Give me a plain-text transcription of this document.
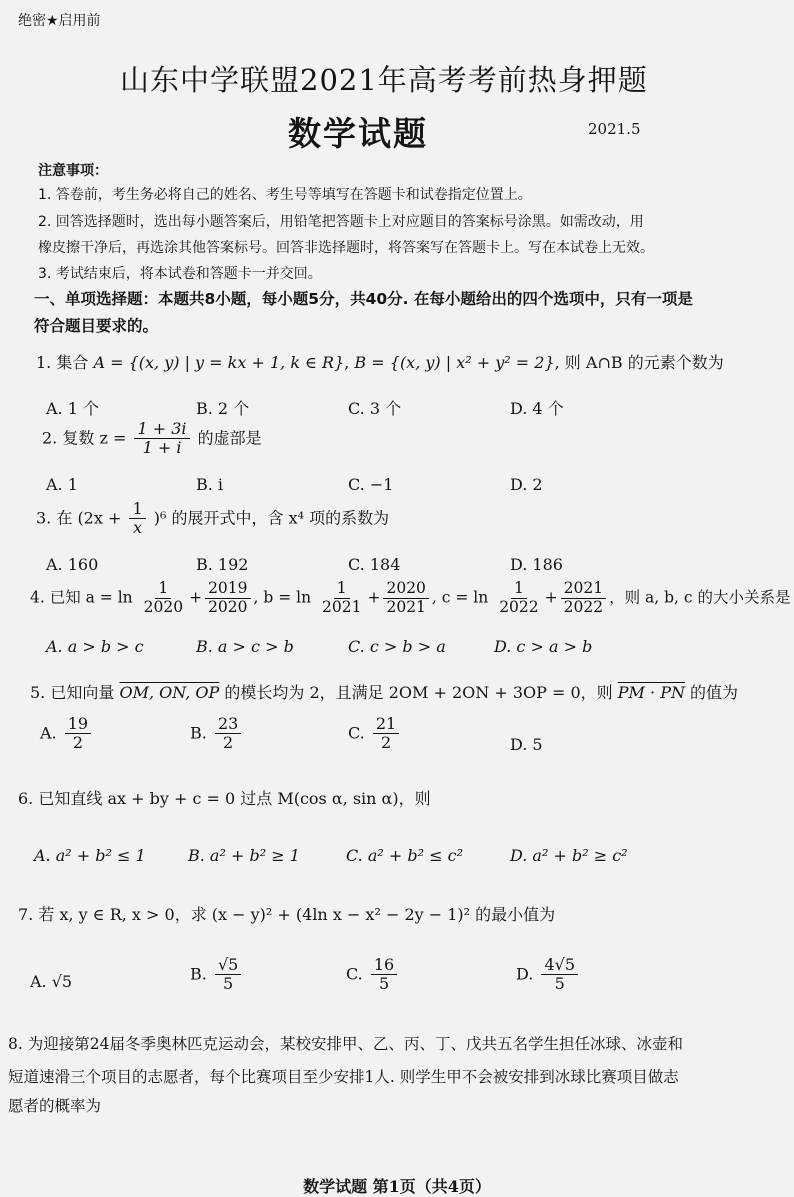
绝密★启用前
山东中学联盟2021年高考考前热身押题
数学试题	2021.5
注意事项：
1. 答卷前，考生务必将自己的姓名、考生号等填写在答题卡和试卷指定位置上。
2. 回答选择题时，选出每小题答案后，用铅笔把答题卡上对应题目的答案标号涂黑。如需改动，用
橡皮擦干净后，再选涂其他答案标号。回答非选择题时，将答案写在答题卡上。写在本试卷上无效。
3. 考试结束后，将本试卷和答题卡一并交回。
一、单项选择题：本题共8小题，每小题5分，共40分. 在每小题给出的四个选项中，只有一项是
符合题目要求的。
1. 集合 A = {(x, y) | y = kx + 1, k ∈ R}, B = {(x, y) | x² + y² = 2}, 则 A∩B 的元素个数为
A. 1 个	B. 2 个	C. 3 个	D. 4 个
2. 复数 $z = \frac{1 + 3i}{1 + i}$ 的虚部是
A. 1	B. i	C. −1	D. 2
3. 在 $(2x + \frac{1}{x} )^6$ 的展开式中，含 x⁴ 项的系数为
A. 160	B. 192	C. 184	D. 186
4. 已知 $a = \ln \frac{1}{2020} + \frac{2019}{2020}$ , $b = \ln \frac{1}{2021} + \frac{2020}{2021}$ , $c = \ln \frac{1}{2022} + \frac{2021}{2022}$ ，则 a, b, c 的大小关系是
A. a > b > c	B. a > c > b	C. c > b > a	D. c > a > b
5. 已知向量 OM, ON, OP 的模长均为 2，且满足 2OM + 2ON + 3OP = 0，则 PM · PN 的值为
A. $\frac{19}{2}$	B. $\frac{23}{2}$	C. $\frac{21}{2}$	D. 5
6. 已知直线 ax + by + c = 0 过点 M(cos α, sin α)，则
A. a² + b² ≤ 1	B. a² + b² ≥ 1	C. a² + b² ≤ c²	D. a² + b² ≥ c²
7. 若 x, y ∈ R, x > 0，求 (x − y)² + (4ln x − x² − 2y − 1)² 的最小值为
A. √5	B. $\frac{√5}{5}$	C. $\frac{16}{5}$	D. $\frac{4√5}{5}$
8. 为迎接第24届冬季奥林匹克运动会，某校安排甲、乙、丙、丁、戊共五名学生担任冰球、冰壶和
短道速滑三个项目的志愿者，每个比赛项目至少安排1人. 则学生甲不会被安排到冰球比赛项目做志
愿者的概率为
数学试题 第1页（共4页）
